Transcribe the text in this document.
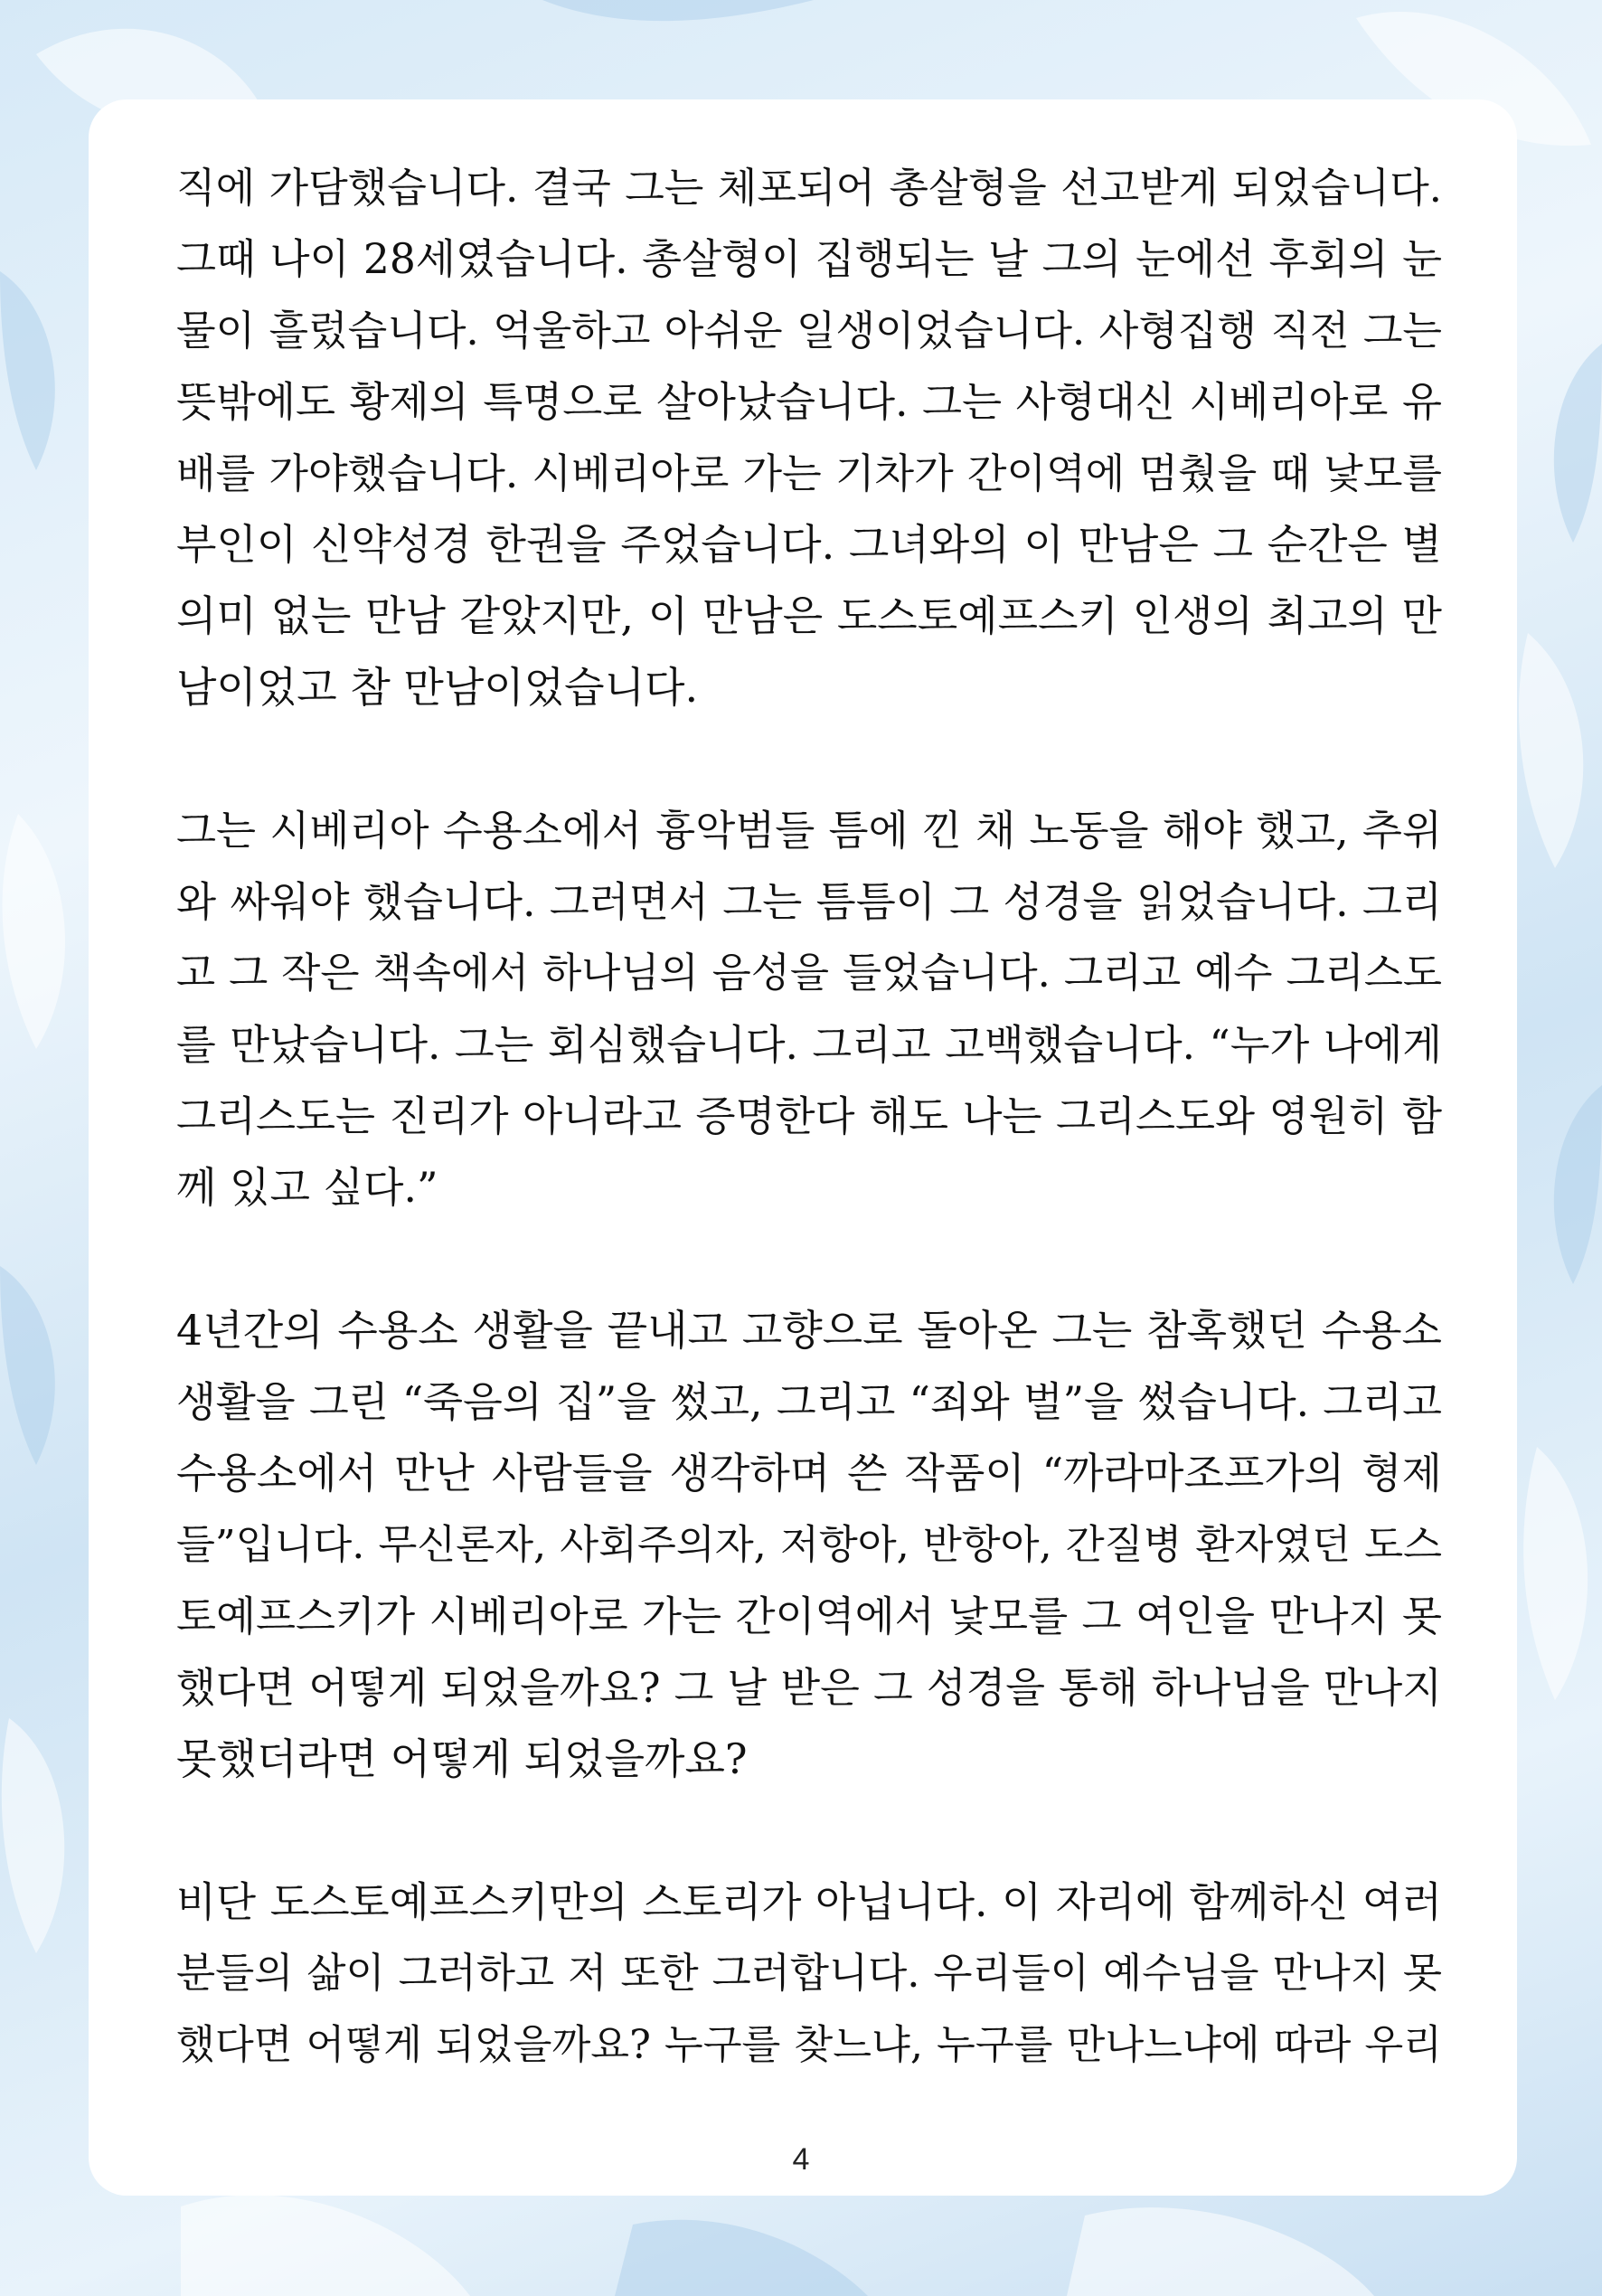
직에 가담했습니다. 결국 그는 체포되어 총살형을 선고받게 되었습니다.
그때 나이 28세였습니다. 총살형이 집행되는 날 그의 눈에선 후회의 눈
물이 흘렀습니다. 억울하고 아쉬운 일생이었습니다. 사형집행 직전 그는
뜻밖에도 황제의 특명으로 살아났습니다. 그는 사형대신 시베리아로 유
배를 가야했습니다. 시베리아로 가는 기차가 간이역에 멈췄을 때 낯모를
부인이 신약성경 한권을 주었습니다. 그녀와의 이 만남은 그 순간은 별
의미 없는 만남 같았지만, 이 만남은 도스토예프스키 인생의 최고의 만
남이었고 참 만남이었습니다.
그는 시베리아 수용소에서 흉악범들 틈에 낀 채 노동을 해야 했고, 추위
와 싸워야 했습니다. 그러면서 그는 틈틈이 그 성경을 읽었습니다. 그리
고 그 작은 책속에서 하나님의 음성을 들었습니다. 그리고 예수 그리스도
를 만났습니다. 그는 회심했습니다. 그리고 고백했습니다. “누가 나에게
그리스도는 진리가 아니라고 증명한다 해도 나는 그리스도와 영원히 함
께 있고 싶다.”
4년간의 수용소 생활을 끝내고 고향으로 돌아온 그는 참혹했던 수용소
생활을 그린 “죽음의 집”을 썼고, 그리고 “죄와 벌”을 썼습니다. 그리고
수용소에서 만난 사람들을 생각하며 쓴 작품이 “까라마조프가의 형제
들”입니다. 무신론자, 사회주의자, 저항아, 반항아, 간질병 환자였던 도스
토예프스키가 시베리아로 가는 간이역에서 낯모를 그 여인을 만나지 못
했다면 어떻게 되었을까요? 그 날 받은 그 성경을 통해 하나님을 만나지
못했더라면 어떻게 되었을까요?
비단 도스토예프스키만의 스토리가 아닙니다. 이 자리에 함께하신 여러
분들의 삶이 그러하고 저 또한 그러합니다. 우리들이 예수님을 만나지 못
했다면 어떻게 되었을까요? 누구를 찾느냐, 누구를 만나느냐에 따라 우리
4
